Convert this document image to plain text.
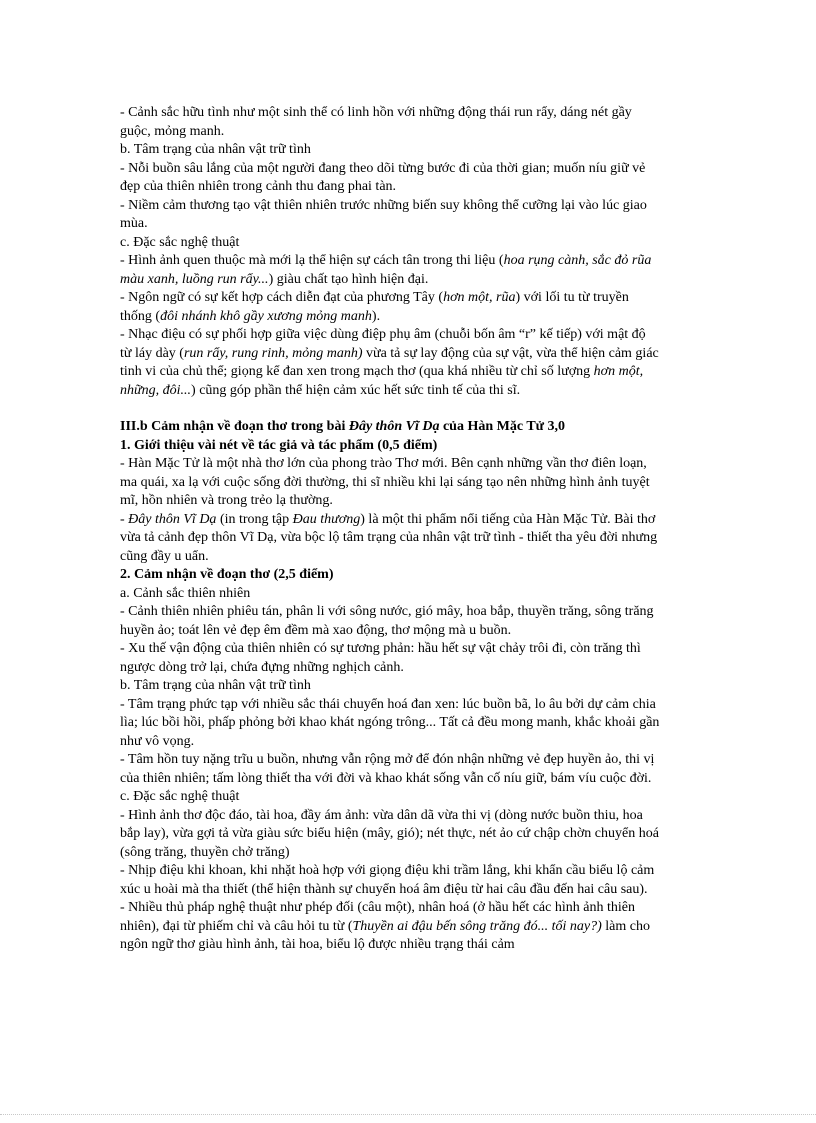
- Cảnh sắc hữu tình như một sinh thể có linh hồn với những động thái run rẩy, dáng nét gầy guộc, mỏng manh.

b. Tâm trạng của nhân vật trữ tình

- Nỗi buồn sâu lắng của một người đang theo dõi từng bước đi của thời gian; muốn níu giữ vẻ đẹp của thiên nhiên trong cảnh thu đang phai tàn.

- Niềm cảm thương tạo vật thiên nhiên trước những biến suy không thể cưỡng lại vào lúc giao mùa.

c. Đặc sắc nghệ thuật

- Hình ảnh quen thuộc mà mới lạ thể hiện sự cách tân trong thi liệu (hoa rụng cành, sắc đỏ rũa màu xanh, luồng run rẩy...) giàu chất tạo hình hiện đại.

- Ngôn ngữ có sự kết hợp cách diễn đạt của phương Tây (hơn một, rũa) với lối tu từ truyền thống (đôi nhánh khô gầy xương mỏng manh).

- Nhạc điệu có sự phối hợp giữa việc dùng điệp phụ âm (chuỗi bốn âm “r” kế tiếp) với mật độ từ láy dày (run rẩy, rung rinh, mỏng manh) vừa tả sự lay động của sự vật, vừa thể hiện cảm giác tinh vi của chủ thể; giọng kể đan xen trong mạch thơ (qua khá nhiều từ chỉ số lượng hơn một, những, đôi...) cũng góp phần thể hiện cảm xúc hết sức tinh tế của thi sĩ.

III.b Cảm nhận về đoạn thơ trong bài Đây thôn Vĩ Dạ của Hàn Mặc Tử 3,0

1. Giới thiệu vài nét về tác giả và tác phẩm (0,5 điểm)

- Hàn Mặc Tử là một nhà thơ lớn của phong trào Thơ mới. Bên cạnh những vần thơ điên loạn, ma quái, xa lạ với cuộc sống đời thường, thi sĩ nhiều khi lại sáng tạo nên những hình ảnh tuyệt mĩ, hồn nhiên và trong trẻo lạ thường.

- Đây thôn Vĩ Dạ (in trong tập Đau thương) là một thi phẩm nổi tiếng của Hàn Mặc Tử. Bài thơ vừa tả cảnh đẹp thôn Vĩ Dạ, vừa bộc lộ tâm trạng của nhân vật trữ tình - thiết tha yêu đời nhưng cũng đầy u uẩn.

2. Cảm nhận về đoạn thơ (2,5 điểm)

a. Cảnh sắc thiên nhiên

- Cảnh thiên nhiên phiêu tán, phân li với sông nước, gió mây, hoa bắp, thuyền trăng, sông trăng huyền ảo; toát lên vẻ đẹp êm đềm mà xao động, thơ mộng mà u buồn.

- Xu thế vận động của thiên nhiên có sự tương phản: hầu hết sự vật chảy trôi đi, còn trăng thì ngược dòng trở lại, chứa đựng những nghịch cảnh.

b. Tâm trạng của nhân vật trữ tình

- Tâm trạng phức tạp với nhiều sắc thái chuyển hoá đan xen: lúc buồn bã, lo âu bởi dự cảm chia lìa; lúc bồi hồi, phấp phỏng bởi khao khát ngóng trông... Tất cả đều mong manh, khắc khoải gần như vô vọng.

- Tâm hồn tuy nặng trĩu u buồn, nhưng vẫn rộng mở để đón nhận những vẻ đẹp huyền ảo, thi vị của thiên nhiên; tấm lòng thiết tha với đời và khao khát sống vẫn cố níu giữ, bám víu cuộc đời.

c. Đặc sắc nghệ thuật

- Hình ảnh thơ độc đáo, tài hoa, đầy ám ảnh: vừa dân dã vừa thi vị (dòng nước buồn thiu, hoa bắp lay), vừa gợi tả vừa giàu sức biểu hiện (mây, gió); nét thực, nét ảo cứ chập chờn chuyển hoá (sông trăng, thuyền chở trăng)

- Nhịp điệu khi khoan, khi nhặt hoà hợp với giọng điệu khi trầm lắng, khi khẩn cầu biểu lộ cảm xúc u hoài mà tha thiết (thể hiện thành sự chuyển hoá âm điệu từ hai câu đầu đến hai câu sau).

- Nhiều thủ pháp nghệ thuật như phép đối (câu một), nhân hoá (ở hầu hết các hình ảnh thiên nhiên), đại từ phiếm chỉ và câu hỏi tu từ (Thuyền ai đậu bến sông trăng đó... tối nay?) làm cho ngôn ngữ thơ giàu hình ảnh, tài hoa, biểu lộ được nhiều trạng thái cảm
